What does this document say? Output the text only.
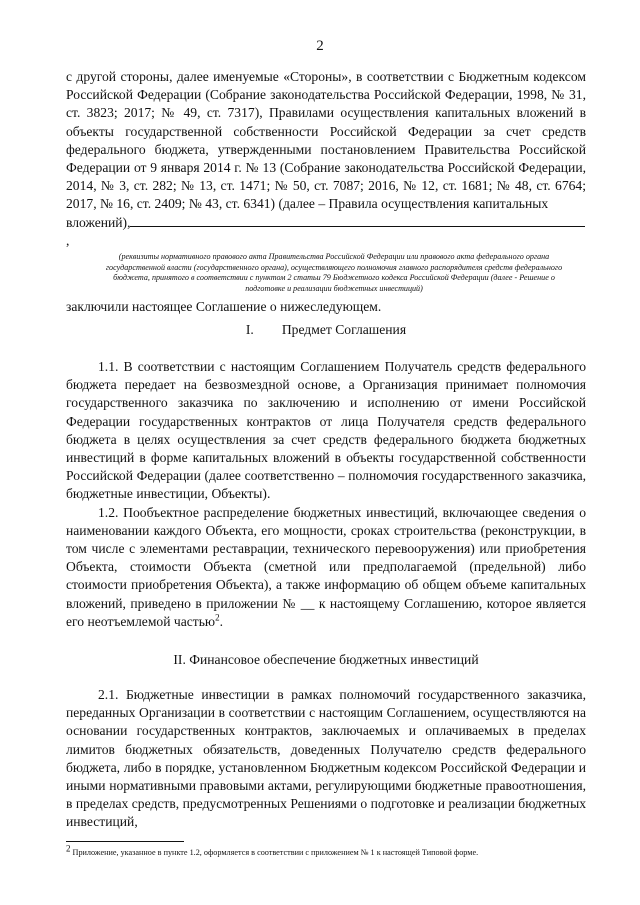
2

с другой стороны, далее именуемые «Стороны», в соответствии с Бюджетным кодексом Российской Федерации (Собрание законодательства Российской Федерации, 1998, № 31, ст. 3823; 2017; № 49, ст. 7317), Правилами осуществления капитальных вложений в объекты государственной собственности Российской Федерации за счет средств федерального бюджета, утвержденными постановлением Правительства Российской Федерации от 9 января 2014 г. № 13 (Собрание законодательства Российской Федерации, 2014, № 3, ст. 282; № 13, ст. 1471; № 50, ст. 7087; 2016, № 12, ст. 1681; № 48, ст. 6764; 2017, № 16, ст. 2409; № 43, ст. 6341) (далее – Правила осуществления капитальных

вложений),,

(реквизиты нормативного правового акта Правительства Российской Федерации или правового акта федерального органа государственной власти (государственного органа), осуществляющего полномочия главного распорядителя средств федерального бюджета, принятого в соответствии с пунктом 2 статьи 79 Бюджетного кодекса Российской Федерации (далее - Решение о подготовке и реализации бюджетных инвестиций)

заключили настоящее Соглашение о нижеследующем.

I. Предмет Соглашения

1.1. В соответствии с настоящим Соглашением Получатель средств федерального бюджета передает на безвозмездной основе, а Организация принимает полномочия государственного заказчика по заключению и исполнению от имени Российской Федерации государственных контрактов от лица Получателя средств федерального бюджета в целях осуществления за счет средств федерального бюджета бюджетных инвестиций в форме капитальных вложений в объекты государственной собственности Российской Федерации (далее соответственно – полномочия государственного заказчика, бюджетные инвестиции, Объекты).

1.2. Пообъектное распределение бюджетных инвестиций, включающее сведения о наименовании каждого Объекта, его мощности, сроках строительства (реконструкции, в том числе с элементами реставрации, технического перевооружения) или приобретения Объекта, стоимости Объекта (сметной или предполагаемой (предельной) либо стоимости приобретения Объекта), а также информацию об общем объеме капитальных вложений, приведено в приложении № __ к настоящему Соглашению, которое является его неотъемлемой частью$^2$.

II. Финансовое обеспечение бюджетных инвестиций

2.1. Бюджетные инвестиции в рамках полномочий государственного заказчика, переданных Организации в соответствии с настоящим Соглашением, осуществляются на основании государственных контрактов, заключаемых и оплачиваемых в пределах лимитов бюджетных обязательств, доведенных Получателю средств федерального бюджета, либо в порядке, установленном Бюджетным кодексом Российской Федерации и иными нормативными правовыми актами, регулирующими бюджетные правоотношения, в пределах средств, предусмотренных Решениями о подготовке и реализации бюджетных инвестиций,

$^2$ Приложение, указанное в пункте 1.2, оформляется в соответствии с приложением № 1 к настоящей Типовой форме.
